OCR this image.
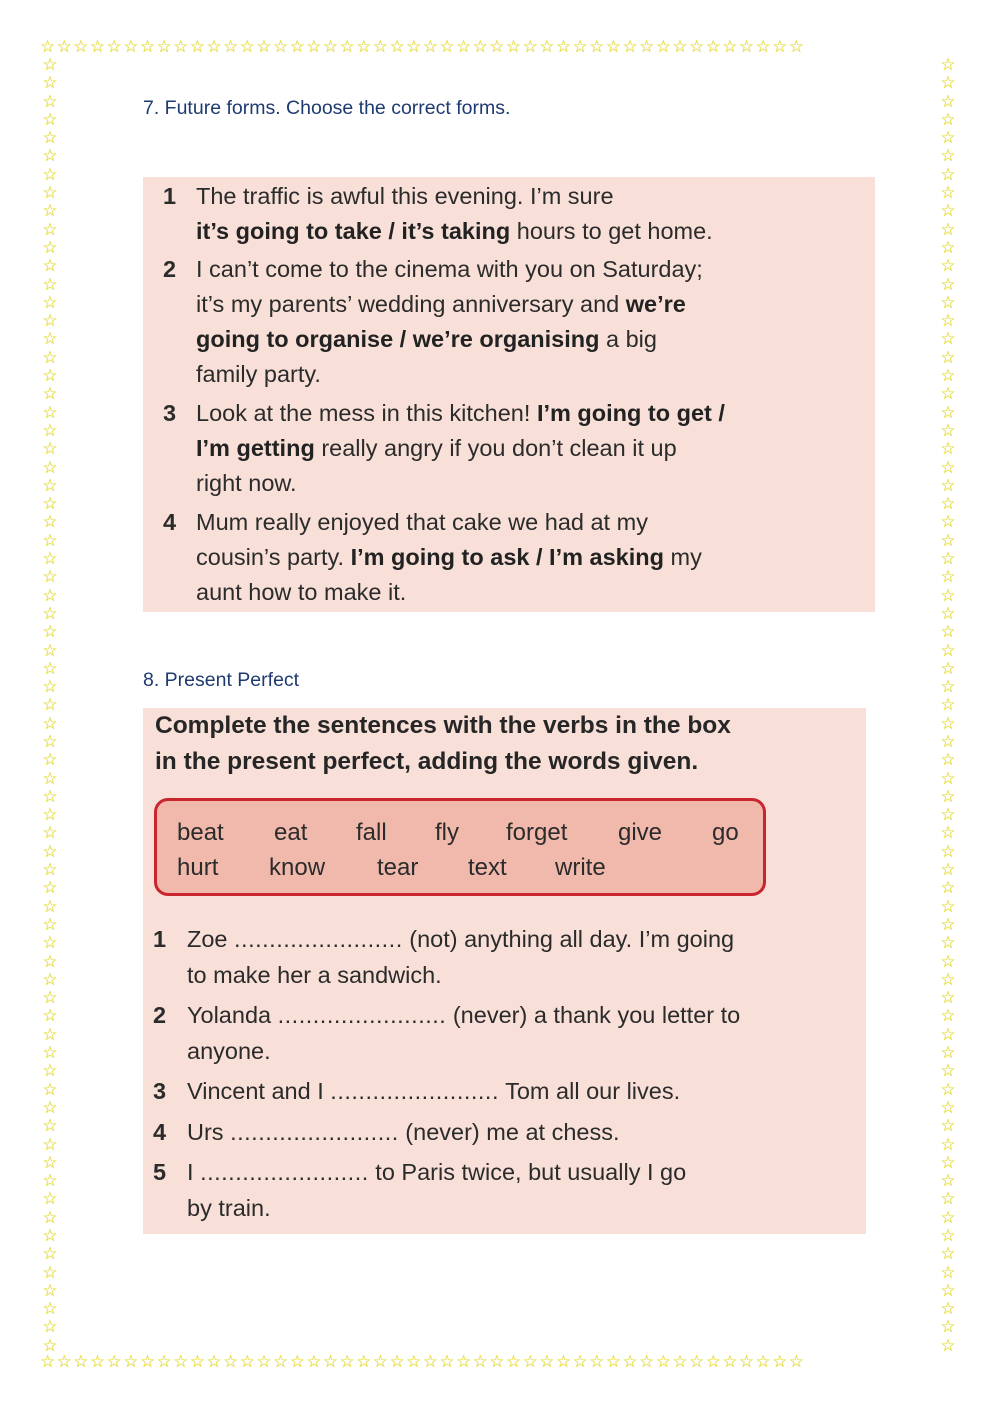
☆☆☆☆☆☆☆☆☆☆☆☆☆☆☆☆☆☆☆☆☆☆☆☆☆☆☆☆☆☆☆☆☆☆☆☆☆☆☆☆☆☆☆☆☆☆
☆☆☆☆☆☆☆☆☆☆☆☆☆☆☆☆☆☆☆☆☆☆☆☆☆☆☆☆☆☆☆☆☆☆☆☆☆☆☆☆☆☆☆☆☆☆
☆☆☆☆☆☆☆☆☆☆☆☆☆☆☆☆☆☆☆☆☆☆☆☆☆☆☆☆☆☆☆☆☆☆☆☆☆☆☆☆☆☆☆☆☆☆☆☆☆☆☆☆☆☆☆☆☆☆☆☆☆☆☆☆☆☆☆☆☆☆☆
☆☆☆☆☆☆☆☆☆☆☆☆☆☆☆☆☆☆☆☆☆☆☆☆☆☆☆☆☆☆☆☆☆☆☆☆☆☆☆☆☆☆☆☆☆☆☆☆☆☆☆☆☆☆☆☆☆☆☆☆☆☆☆☆☆☆☆☆☆☆☆
7. Future forms. Choose the correct forms.
1 The traffic is awful this evening. I’m sure
it’s going to take / it’s taking hours to get home.
2 I can’t come to the cinema with you on Saturday;
it’s my parents’ wedding anniversary and we’re
going to organise / we’re organising a big
family party.
3 Look at the mess in this kitchen! I’m going to get /
I’m getting really angry if you don’t clean it up
right now.
4 Mum really enjoyed that cake we had at my
cousin’s party. I’m going to ask / I’m asking my
aunt how to make it.
8. Present Perfect
Complete the sentences with the verbs in the box
in the present perfect, adding the words given.
beat eat fall fly forget give go
hurt know tear text write
1 Zoe ........................ (not) anything all day. I’m going
to make her a sandwich.
2 Yolanda ........................ (never) a thank you letter to
anyone.
3 Vincent and I ........................ Tom all our lives.
4 Urs ........................ (never) me at chess.
5 I ........................ to Paris twice, but usually I go
by train.
